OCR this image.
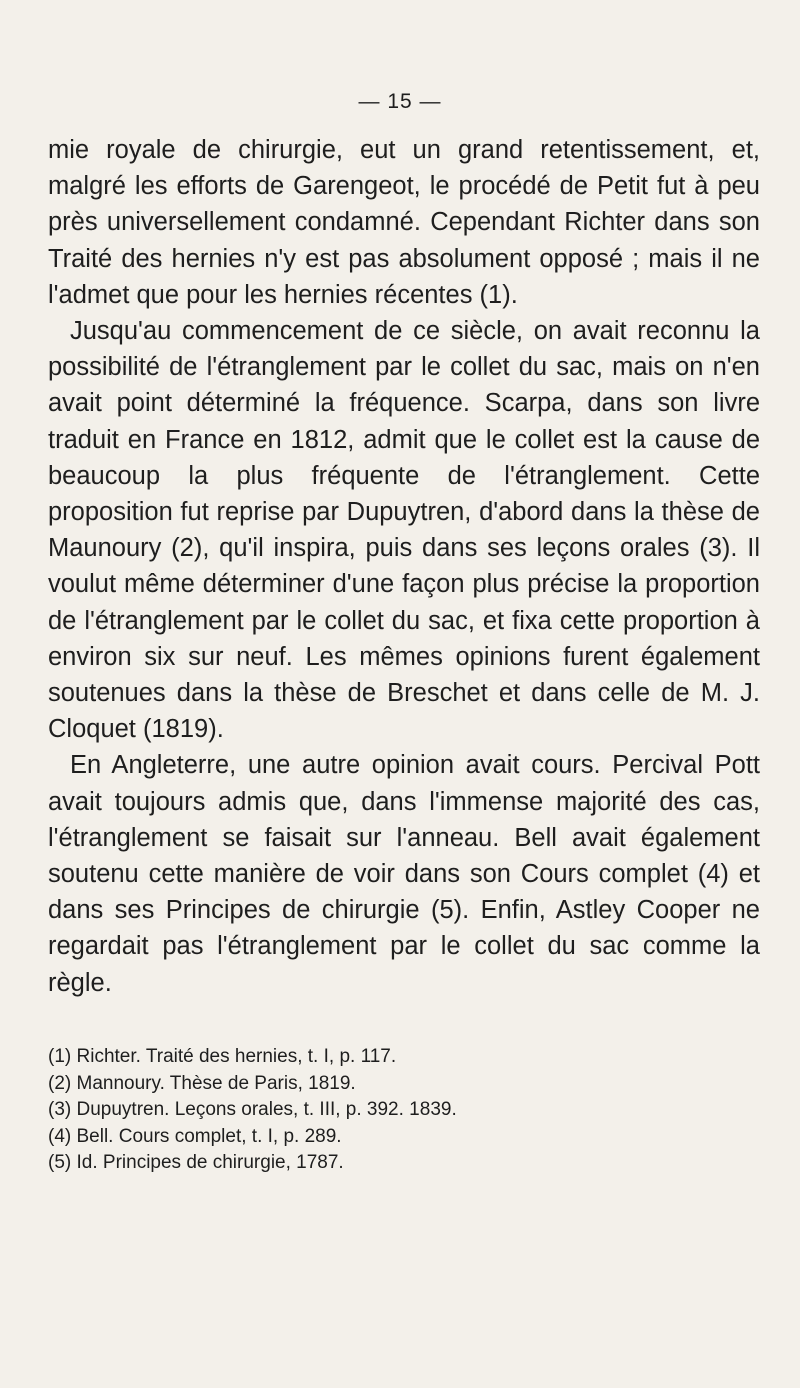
— 15 —

mie royale de chirurgie, eut un grand retentissement, et, malgré les efforts de Garengeot, le procédé de Petit fut à peu près universellement condamné. Cependant Richter dans son Traité des hernies n'y est pas absolument opposé ; mais il ne l'admet que pour les hernies récentes (1).

Jusqu'au commencement de ce siècle, on avait reconnu la possibilité de l'étranglement par le collet du sac, mais on n'en avait point déterminé la fréquence. Scarpa, dans son livre traduit en France en 1812, admit que le collet est la cause de beaucoup la plus fréquente de l'étranglement. Cette proposition fut reprise par Dupuytren, d'abord dans la thèse de Maunoury (2), qu'il inspira, puis dans ses leçons orales (3). Il voulut même déterminer d'une façon plus précise la proportion de l'étranglement par le collet du sac, et fixa cette proportion à environ six sur neuf. Les mêmes opinions furent également soutenues dans la thèse de Breschet et dans celle de M. J. Cloquet (1819).

En Angleterre, une autre opinion avait cours. Percival Pott avait toujours admis que, dans l'immense majorité des cas, l'étranglement se faisait sur l'anneau. Bell avait également soutenu cette manière de voir dans son Cours complet (4) et dans ses Principes de chirurgie (5). Enfin, Astley Cooper ne regardait pas l'étranglement par le collet du sac comme la règle.

(1) Richter. Traité des hernies, t. I, p. 117.
(2) Mannoury. Thèse de Paris, 1819.
(3) Dupuytren. Leçons orales, t. III, p. 392. 1839.
(4) Bell. Cours complet, t. I, p. 289.
(5) Id. Principes de chirurgie, 1787.
